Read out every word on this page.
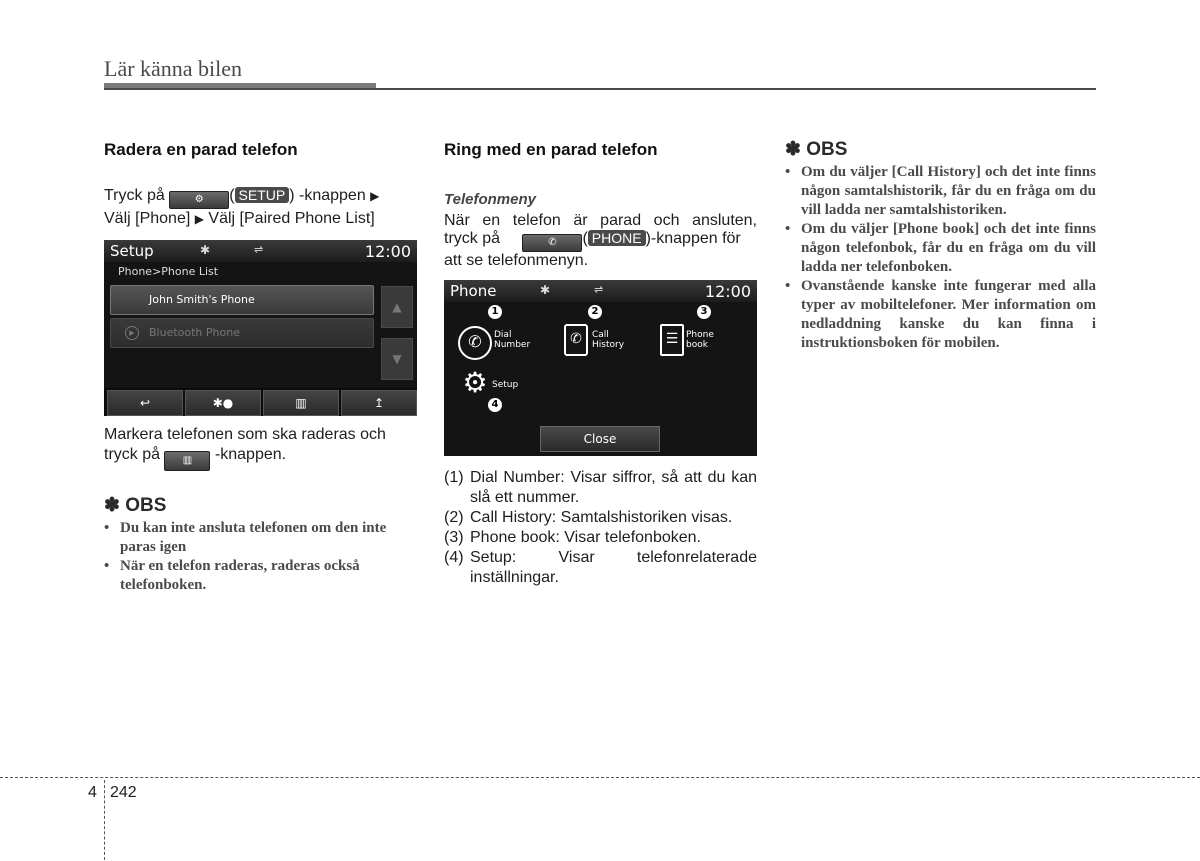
Lär känna bilen
Radera en parad telefon
Tryck på	⚙ ( SETUP ) -knappen ▶
Välj [Phone] ▶ Välj [Paired Phone List]
Setup	✱	⇌	12:00
Phone>Phone List
John Smith's Phone
▶	Bluetooth Phone
▲
▼
↩	✱●	▥	↥
Markera telefonen som ska raderas och
tryck på ▥ -knappen.
✽ OBS
• Du kan inte ansluta telefonen om den inte paras igen
• När en telefon raderas, raderas också telefonboken.
Ring med en parad telefon
Telefonmeny
När en telefon är parad och ansluten,
tryck på	✆ ( PHONE )-knappen för
att se telefonmenyn.
Phone	✱	⇌	12:00
1	2	3
✆	Dial
Number	✆	Call
History	☰ Phone
book
⚙ Setup
4
Close
(1) Dial Number: Visar siffror, så att du kan slå ett nummer.
(2) Call History: Samtalshistoriken visas.
(3) Phone book: Visar telefonboken.
(4) Setup: Visar telefonrelaterade inställningar.
✽ OBS
• Om du väljer [Call History] och det inte finns någon samtalshistorik, får du en fråga om du vill ladda ner samtalshistoriken.
• Om du väljer [Phone book] och det inte finns någon telefonbok, får du en fråga om du vill ladda ner telefonboken.
• Ovanstående kanske inte fungerar med alla typer av mobiltelefoner. Mer information om nedladdning kanske du kan finna i instruktionsboken för mobilen.
4 242
